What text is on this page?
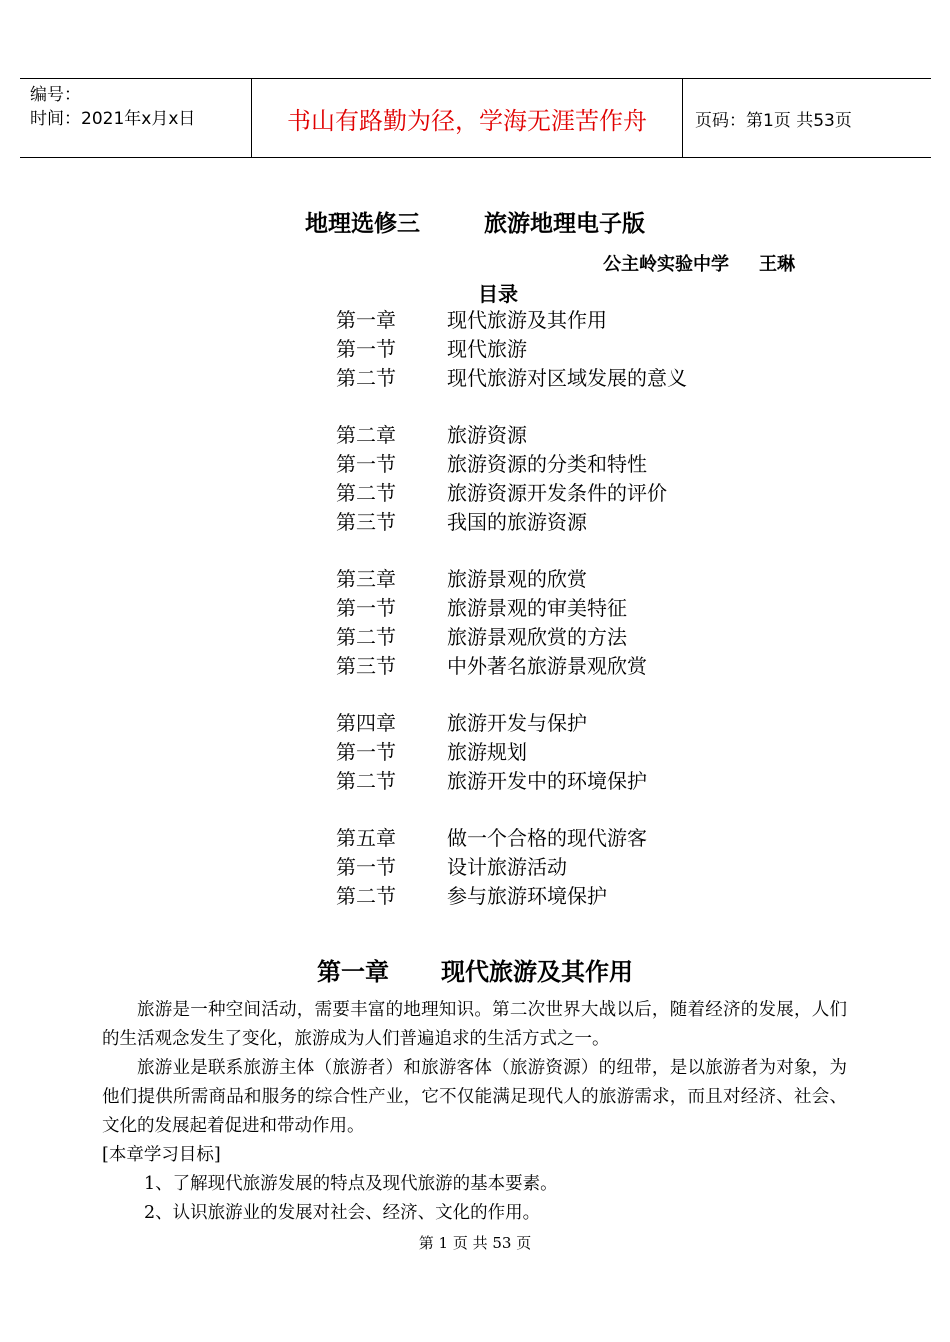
编号：
时间：2021年x月x日	书山有路勤为径，学海无涯苦作舟	页码：第1页 共53页
地理选修三	旅游地理电子版
公主岭实验中学 王琳
目录
第一章	现代旅游及其作用
第一节	现代旅游
第二节	现代旅游对区域发展的意义
第二章	旅游资源
第一节	旅游资源的分类和特性
第二节	旅游资源开发条件的评价
第三节	我国的旅游资源
第三章	旅游景观的欣赏
第一节	旅游景观的审美特征
第二节	旅游景观欣赏的方法
第三节	中外著名旅游景观欣赏
第四章	旅游开发与保护
第一节	旅游规划
第二节	旅游开发中的环境保护
第五章	做一个合格的现代游客
第一节	设计旅游活动
第二节	参与旅游环境保护
第一章 现代旅游及其作用

旅游是一种空间活动，需要丰富的地理知识。第二次世界大战以后，随着经济的发展，人们的生活观念发生了变化，旅游成为人们普遍追求的生活方式之一。

旅游业是联系旅游主体（旅游者）和旅游客体（旅游资源）的纽带，是以旅游者为对象，为他们提供所需商品和服务的综合性产业，它不仅能满足现代人的旅游需求，而且对经济、社会、文化的发展起着促进和带动作用。

[本章学习目标]
1、了解现代旅游发展的特点及现代旅游的基本要素。
2、认识旅游业的发展对社会、经济、文化的作用。
第 1 页 共 53 页
